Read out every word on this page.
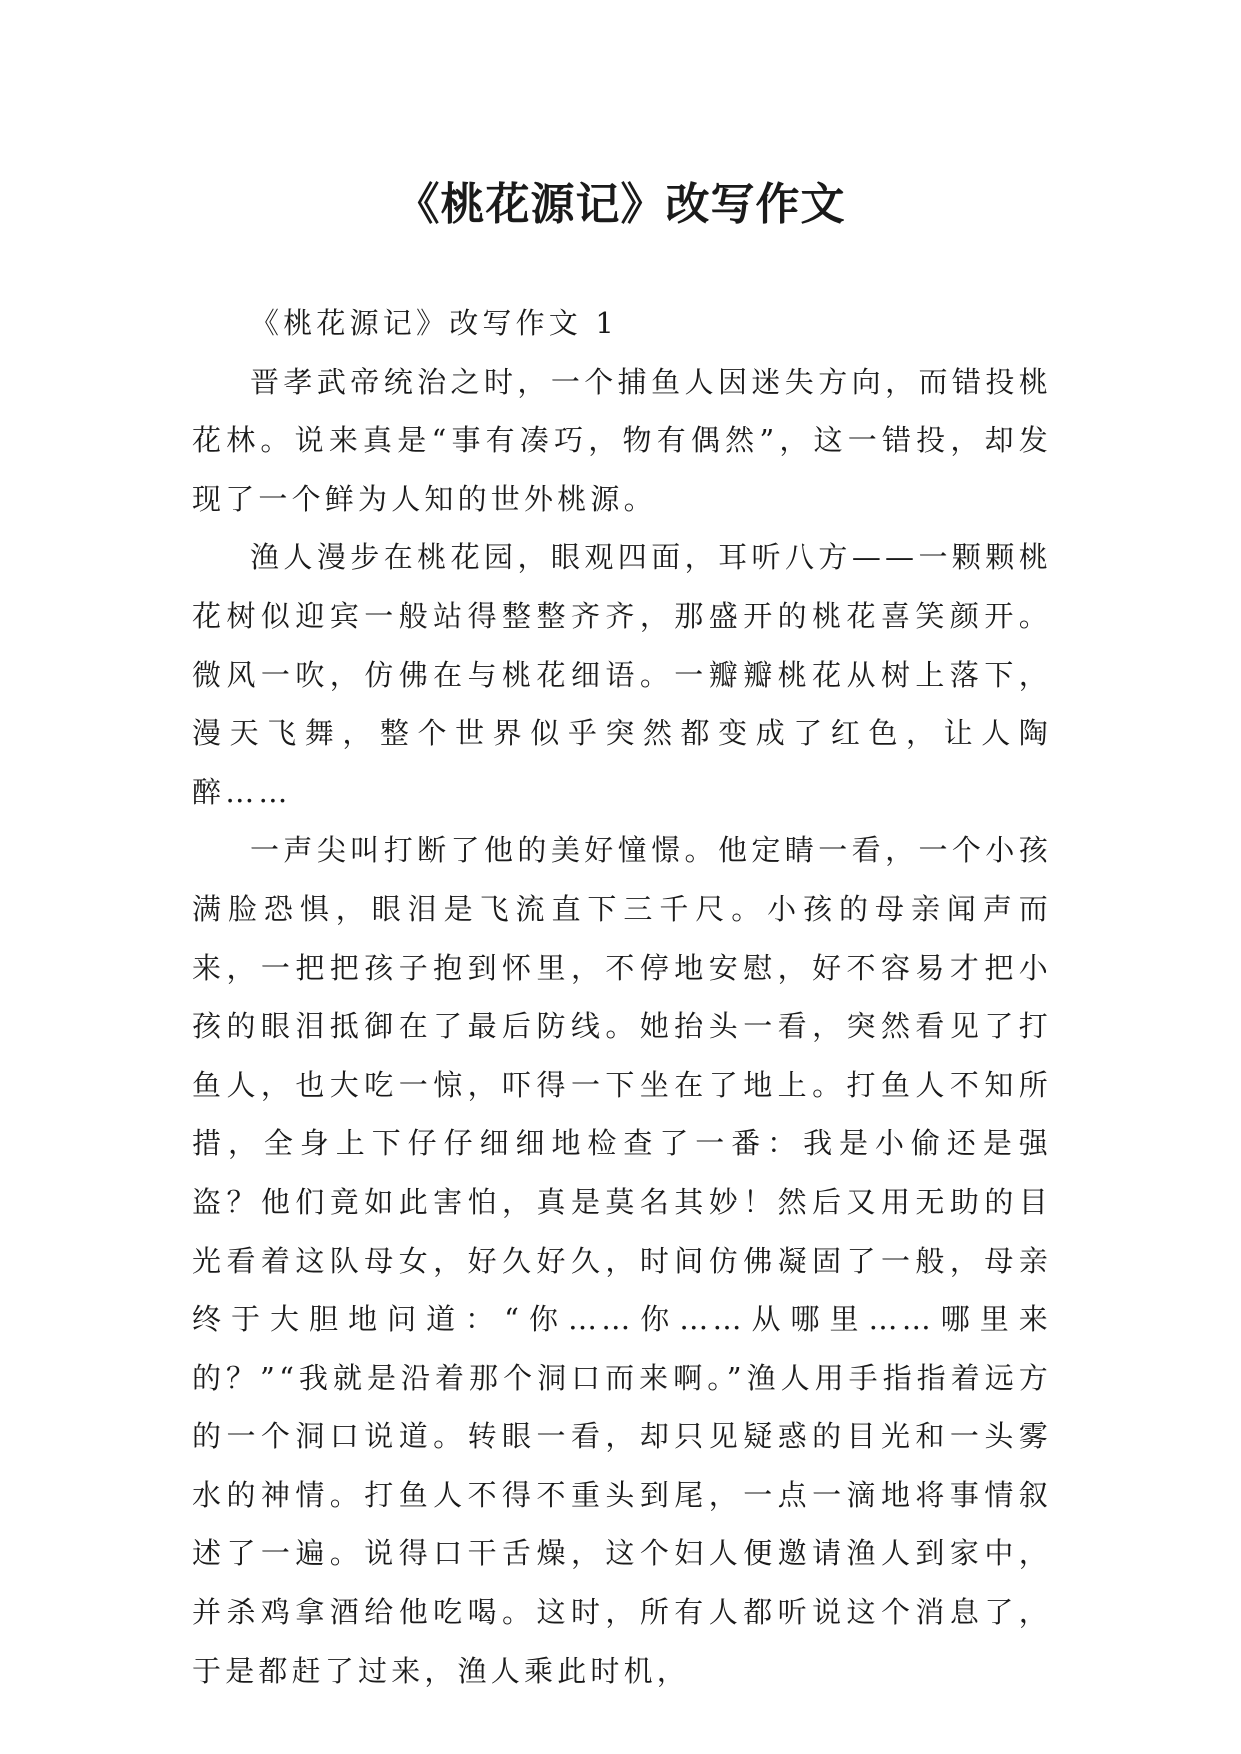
《桃花源记》改写作文

《桃花源记》改写作文 1

晋孝武帝统治之时，一个捕鱼人因迷失方向，而错投桃花林。说来真是“事有凑巧，物有偶然”，这一错投，却发现了一个鲜为人知的世外桃源。

渔人漫步在桃花园，眼观四面，耳听八方——一颗颗桃花树似迎宾一般站得整整齐齐，那盛开的桃花喜笑颜开。微风一吹，仿佛在与桃花细语。一瓣瓣桃花从树上落下，漫天飞舞，整个世界似乎突然都变成了红色，让人陶醉……

一声尖叫打断了他的美好憧憬。他定睛一看，一个小孩满脸恐惧，眼泪是飞流直下三千尺。小孩的母亲闻声而来，一把把孩子抱到怀里，不停地安慰，好不容易才把小孩的眼泪抵御在了最后防线。她抬头一看，突然看见了打鱼人，也大吃一惊，吓得一下坐在了地上。打鱼人不知所措，全身上下仔仔细细地检查了一番：我是小偷还是强盗？他们竟如此害怕，真是莫名其妙！然后又用无助的目光看着这队母女，好久好久，时间仿佛凝固了一般，母亲终于大胆地问道：“你……你……从哪里……哪里来的？”“我就是沿着那个洞口而来啊。”渔人用手指指着远方的一个洞口说道。转眼一看，却只见疑惑的目光和一头雾水的神情。打鱼人不得不重头到尾，一点一滴地将事情叙述了一遍。说得口干舌燥，这个妇人便邀请渔人到家中，并杀鸡拿酒给他吃喝。这时，所有人都听说这个消息了，于是都赶了过来，渔人乘此时机，
